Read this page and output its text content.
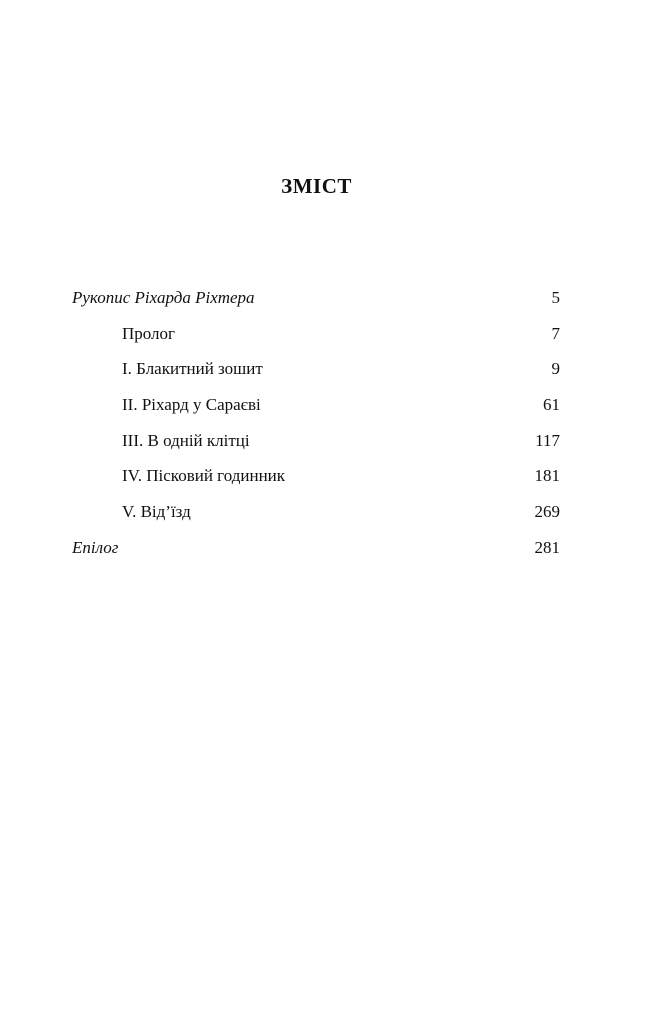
ЗМІСТ
Рукопис Ріхарда Ріхтера	5
Пролог	7
І. Блакитний зошит	9
ІІ. Ріхард у Сараєві	61
ІІІ. В одній клітці	117
IV. Пісковий годинник	181
V. Від’їзд	269
Епілог	281
